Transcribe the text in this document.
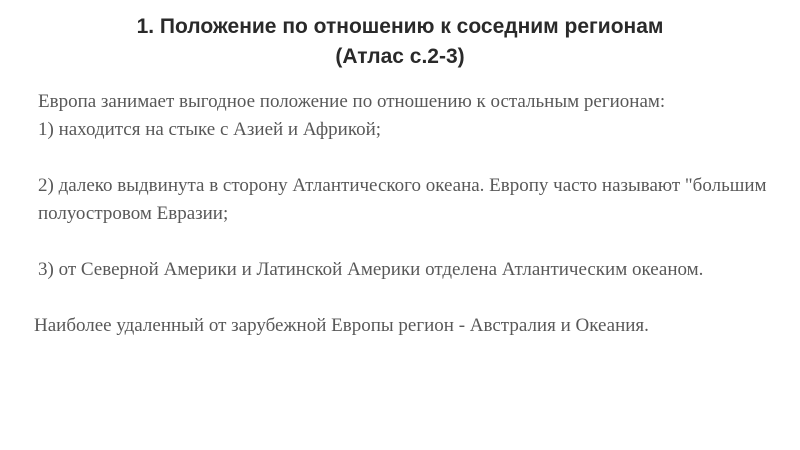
1. Положение по отношению к соседним регионам
(Атлас с.2-3)

Европа занимает выгодное положение по отношению к остальным регионам:

1) находится на стыке с Азией и Африкой;

2) далеко выдвинута в сторону Атлантического океана. Европу часто называют "большим полуостровом Евразии;

3) от Северной Америки и Латинской Америки отделена Атлантическим океаном.

Наиболее удаленный от зарубежной Европы регион - Австралия и Океания.
